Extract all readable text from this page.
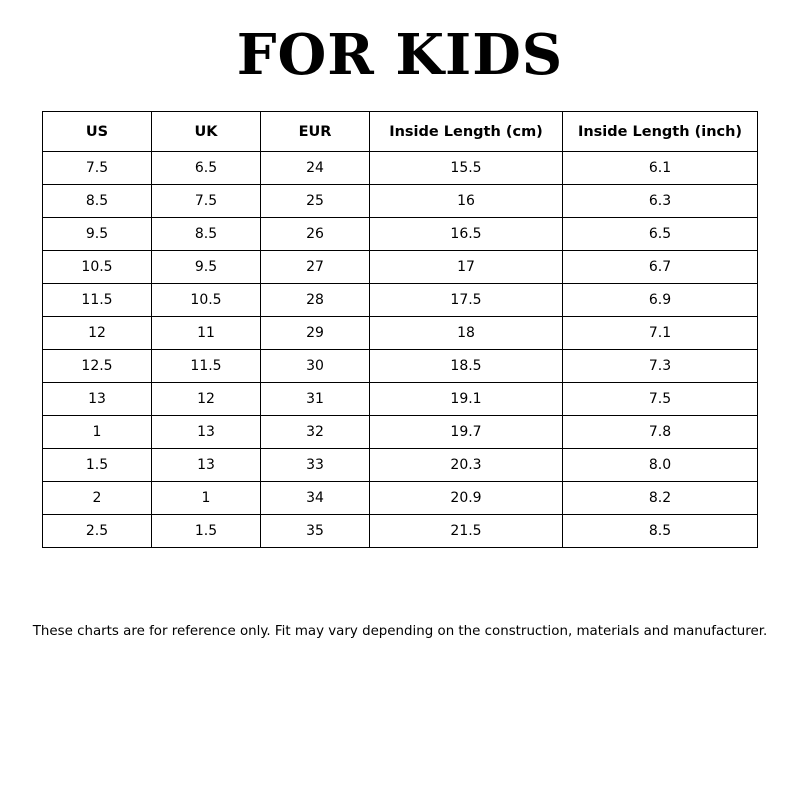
FOR KIDS
US	UK	EUR	Inside Length (cm)	Inside Length (inch)
7.5	6.5	24	15.5	6.1
8.5	7.5	25	16	6.3
9.5	8.5	26	16.5	6.5
10.5	9.5	27	17	6.7
11.5	10.5	28	17.5	6.9
12	11	29	18	7.1
12.5	11.5	30	18.5	7.3
13	12	31	19.1	7.5
1	13	32	19.7	7.8
1.5	13	33	20.3	8.0
2	1	34	20.9	8.2
2.5	1.5	35	21.5	8.5

These charts are for reference only. Fit may vary depending on the construction, materials and manufacturer.
